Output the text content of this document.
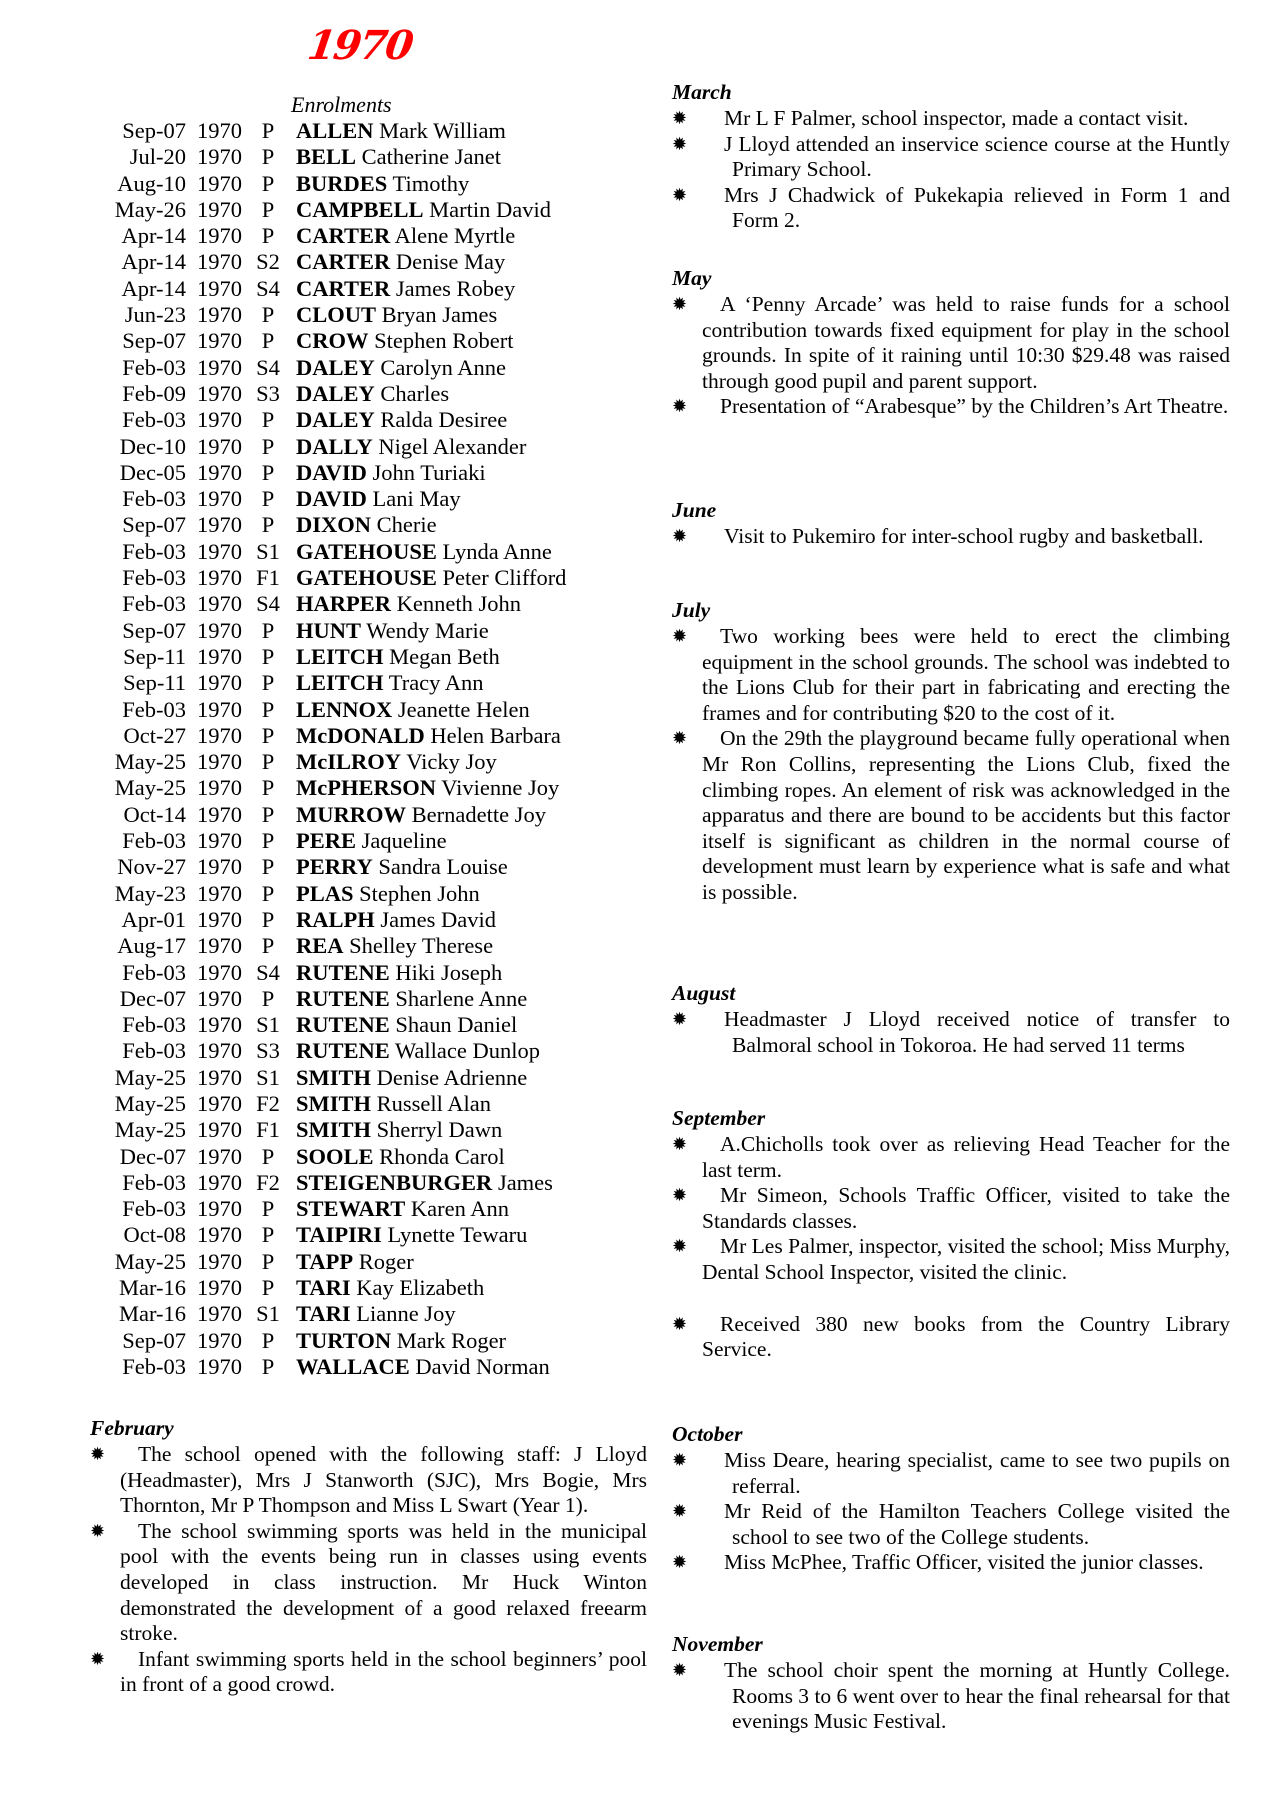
1970
Enrolments
Sep-07 1970 P ALLEN Mark William
Jul-20 1970 P BELL Catherine Janet
Aug-10 1970 P BURDES Timothy
May-26 1970 P CAMPBELL Martin David
Apr-14 1970 P CARTER Alene Myrtle
Apr-14 1970 S2 CARTER Denise May
Apr-14 1970 S4 CARTER James Robey
Jun-23 1970 P CLOUT Bryan James
Sep-07 1970 P CROW Stephen Robert
Feb-03 1970 S4 DALEY Carolyn Anne
Feb-09 1970 S3 DALEY Charles
Feb-03 1970 P DALEY Ralda Desiree
Dec-10 1970 P DALLY Nigel Alexander
Dec-05 1970 P DAVID John Turiaki
Feb-03 1970 P DAVID Lani May
Sep-07 1970 P DIXON Cherie
Feb-03 1970 S1 GATEHOUSE Lynda Anne
Feb-03 1970 F1 GATEHOUSE Peter Clifford
Feb-03 1970 S4 HARPER Kenneth John
Sep-07 1970 P HUNT Wendy Marie
Sep-11 1970 P LEITCH Megan Beth
Sep-11 1970 P LEITCH Tracy Ann
Feb-03 1970 P LENNOX Jeanette Helen
Oct-27 1970 P McDONALD Helen Barbara
May-25 1970 P McILROY Vicky Joy
May-25 1970 P McPHERSON Vivienne Joy
Oct-14 1970 P MURROW Bernadette Joy
Feb-03 1970 P PERE Jaqueline
Nov-27 1970 P PERRY Sandra Louise
May-23 1970 P PLAS Stephen John
Apr-01 1970 P RALPH James David
Aug-17 1970 P REA Shelley Therese
Feb-03 1970 S4 RUTENE Hiki Joseph
Dec-07 1970 P RUTENE Sharlene Anne
Feb-03 1970 S1 RUTENE Shaun Daniel
Feb-03 1970 S3 RUTENE Wallace Dunlop
May-25 1970 S1 SMITH Denise Adrienne
May-25 1970 F2 SMITH Russell Alan
May-25 1970 F1 SMITH Sherryl Dawn
Dec-07 1970 P SOOLE Rhonda Carol
Feb-03 1970 F2 STEIGENBURGER James
Feb-03 1970 P STEWART Karen Ann
Oct-08 1970 P TAIPIRI Lynette Tewaru
May-25 1970 P TAPP Roger
Mar-16 1970 P TARI Kay Elizabeth
Mar-16 1970 S1 TARI Lianne Joy
Sep-07 1970 P TURTON Mark Roger
Feb-03 1970 P WALLACE David Norman
February
✹	The school opened with the following staff: J Lloyd (Headmaster), Mrs J Stanworth (SJC), Mrs Bogie, Mrs Thornton, Mr P Thompson and Miss L Swart (Year 1).
✹	The school swimming sports was held in the municipal pool with the events being run in classes using events developed in class instruction. Mr Huck Winton demonstrated the development of a good relaxed freearm stroke.
✹	Infant swimming sports held in the school beginners’ pool in front of a good crowd.
March
✹ Mr L F Palmer, school inspector, made a contact visit.
✹ J Lloyd attended an inservice science course at the Huntly Primary School.
✹ Mrs J Chadwick of Pukekapia relieved in Form 1 and Form 2.
May
✹	A ‘Penny Arcade’ was held to raise funds for a school contribution towards fixed equipment for play in the school grounds. In spite of it raining until 10:30 $29.48 was raised through good pupil and parent support.
✹	Presentation of “Arabesque” by the Children’s Art Theatre.
June
✹ Visit to Pukemiro for inter-school rugby and basketball.
July
✹	Two working bees were held to erect the climbing equipment in the school grounds. The school was indebted to the Lions Club for their part in fabricating and erecting the frames and for contributing $20 to the cost of it.
✹	On the 29th the playground became fully operational when Mr Ron Collins, representing the Lions Club, fixed the climbing ropes. An element of risk was acknowledged in the apparatus and there are bound to be accidents but this factor itself is significant as children in the normal course of development must learn by experience what is safe and what is possible.
August
✹ Headmaster J Lloyd received notice of transfer to Balmoral school in Tokoroa. He had served 11 terms
September
✹	A.Chicholls took over as relieving Head Teacher for the last term.
✹	Mr Simeon, Schools Traffic Officer, visited to take the Standards classes.
✹	Mr Les Palmer, inspector, visited the school; Miss Murphy, Dental School Inspector, visited the clinic.
✹	Received 380 new books from the Country Library Service.
October
✹ Miss Deare, hearing specialist, came to see two pupils on referral.
✹ Mr Reid of the Hamilton Teachers College visited the school to see two of the College students.
✹ Miss McPhee, Traffic Officer, visited the junior classes.
November
✹ The school choir spent the morning at Huntly College. Rooms 3 to 6 went over to hear the final rehearsal for that evenings Music Festival.
